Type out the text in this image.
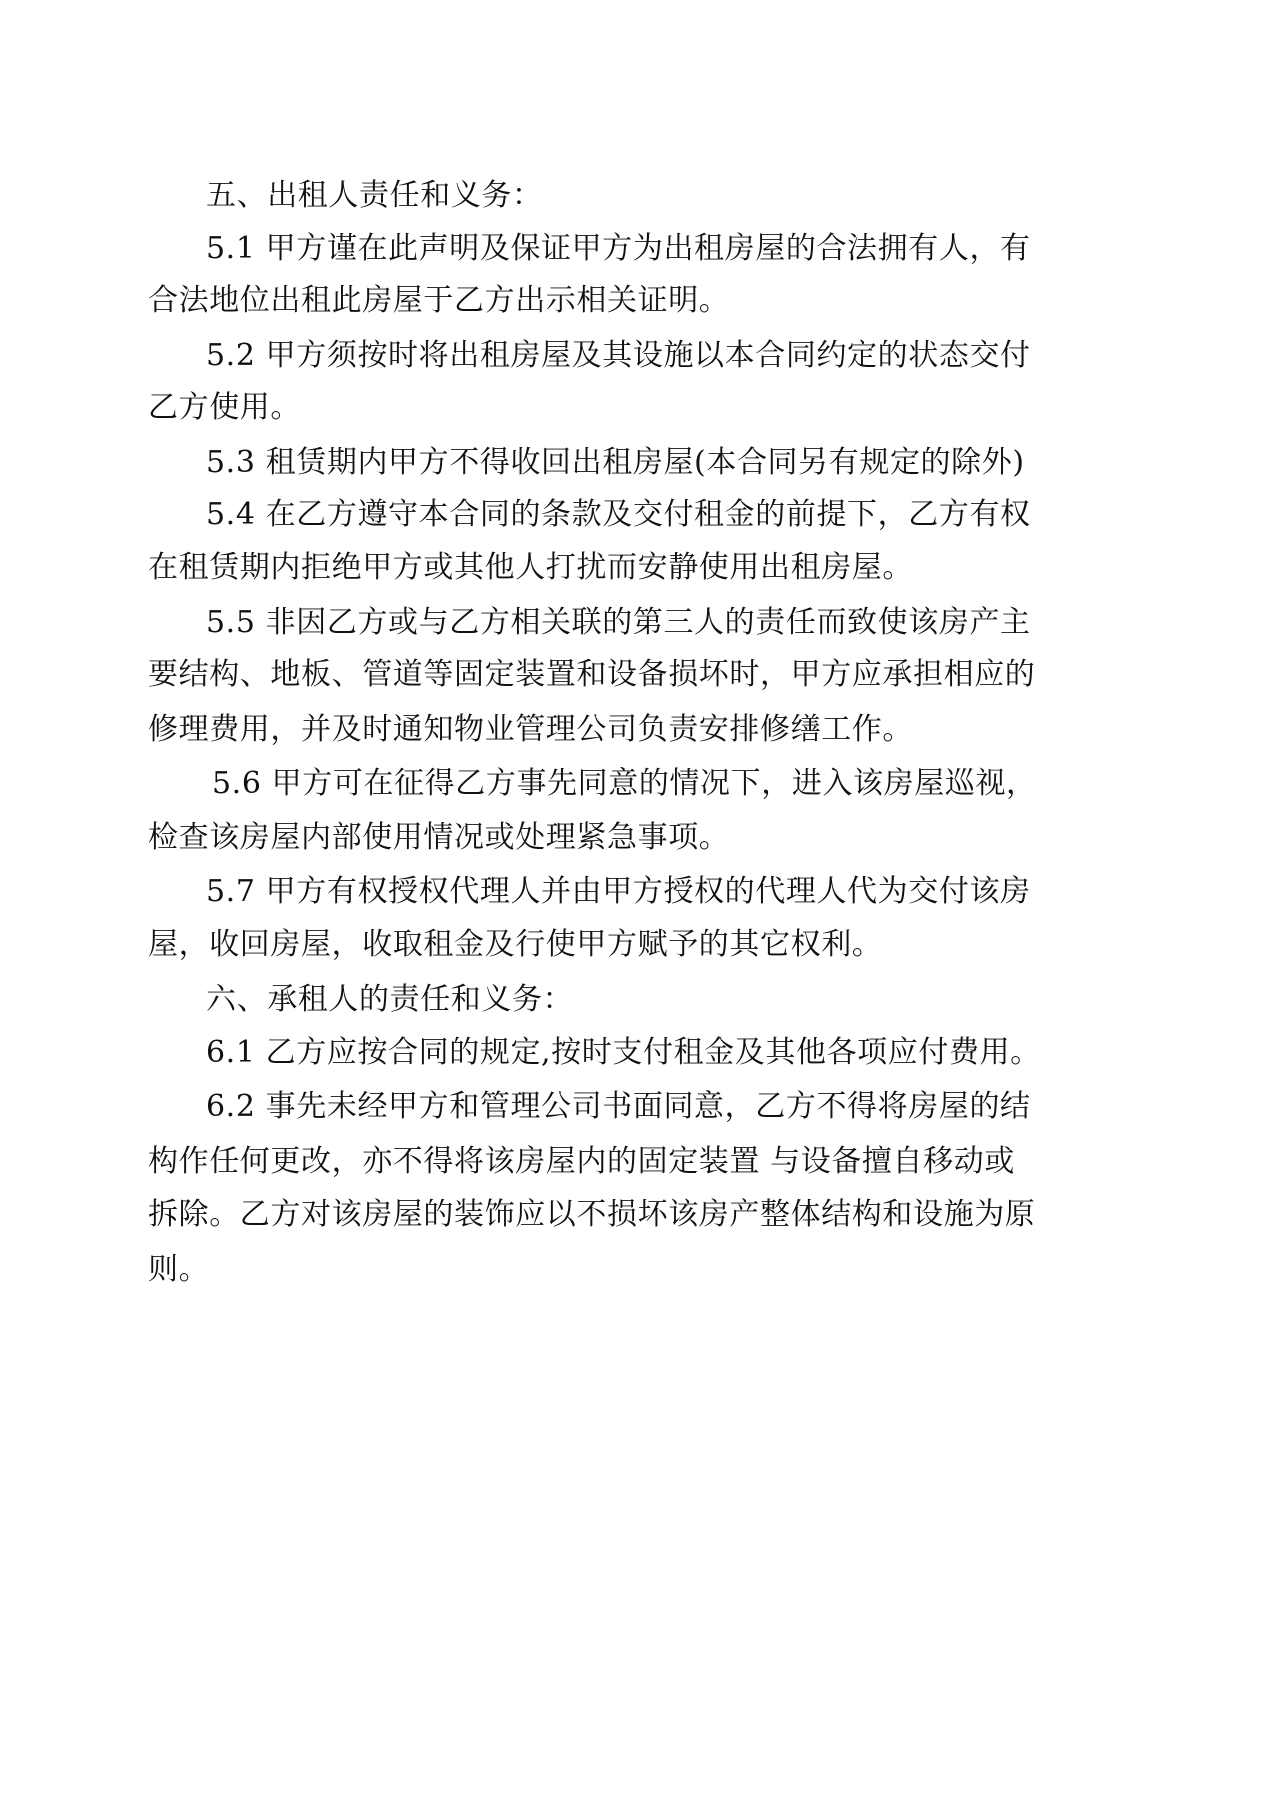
五、出租人责任和义务：
5.1 甲方谨在此声明及保证甲方为出租房屋的合法拥有人，有
合法地位出租此房屋于乙方出示相关证明。
5.2 甲方须按时将出租房屋及其设施以本合同约定的状态交付
乙方使用。
5.3 租赁期内甲方不得收回出租房屋(本合同另有规定的除外)
5.4 在乙方遵守本合同的条款及交付租金的前提下，乙方有权
在租赁期内拒绝甲方或其他人打扰而安静使用出租房屋。
5.5 非因乙方或与乙方相关联的第三人的责任而致使该房产主
要结构、地板、管道等固定装置和设备损坏时，甲方应承担相应的
修理费用，并及时通知物业管理公司负责安排修缮工作。
5.6 甲方可在征得乙方事先同意的情况下，进入该房屋巡视，
检查该房屋内部使用情况或处理紧急事项。
5.7 甲方有权授权代理人并由甲方授权的代理人代为交付该房
屋，收回房屋，收取租金及行使甲方赋予的其它权利。
六、承租人的责任和义务：
6.1 乙方应按合同的规定,按时支付租金及其他各项应付费用。
6.2 事先未经甲方和管理公司书面同意，乙方不得将房屋的结
构作任何更改，亦不得将该房屋内的固定装置 与设备擅自移动或
拆除。乙方对该房屋的装饰应以不损坏该房产整体结构和设施为原
则。
